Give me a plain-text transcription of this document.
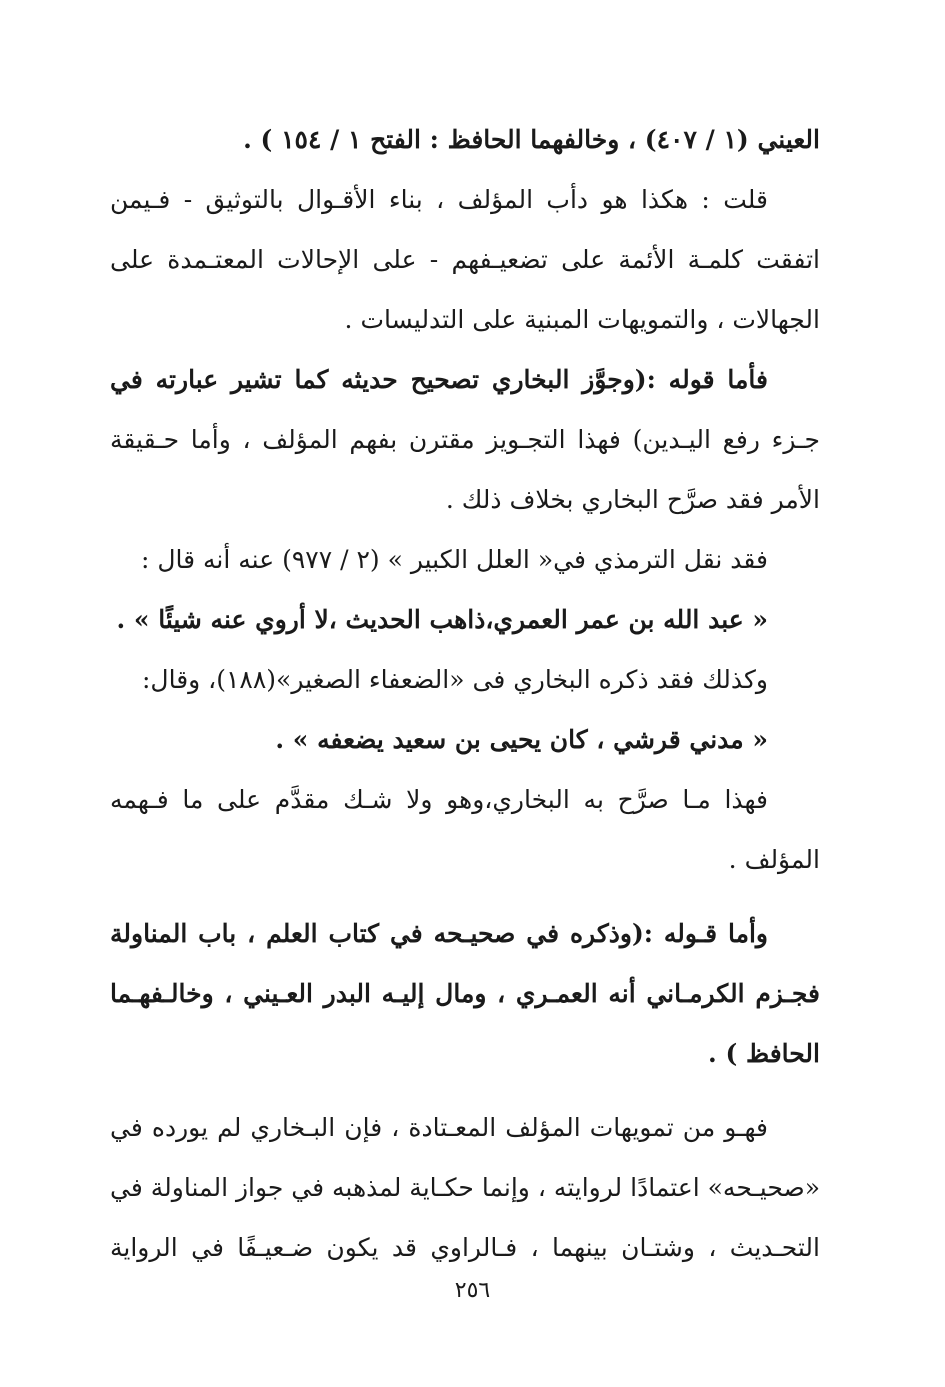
العيني (١ / ٤٠٧) ، وخالفهما الحافظ : الفتح ١ / ١٥٤ ) .
قلت : هكذا هو دأب المؤلف ، بناء الأقـوال بالتوثيق - فـيمن
اتفقت كلمـة الأئمة على تضعيـفهم - على الإحالات المعتـمدة على
الجهالات ، والتمويهات المبنية على التدليسات .
فأما قوله :(وجوَّز البخاري تصحيح حديثه كما تشير عبارته في
جـزء رفع اليـدين) فهذا التجـويز مقترن بفهم المؤلف ، وأما حـقيقة
الأمر فقد صرَّح البخاري بخلاف ذلك .
فقد نقل الترمذي في« العلل الكبير » (٢ / ٩٧٧) عنه أنه قال :
« عبد الله بن عمر العمري،ذاهب الحديث ،لا أروي عنه شيئًا » .
وكذلك فقد ذكره البخاري فى «الضعفاء الصغير»(١٨٨)، وقال:
« مدني قرشي ، كان يحيى بن سعيد يضعفه » .
فهذا مـا صرَّح به البخاري،وهو ولا شـك مقدَّم على ما فـهمه
المؤلف .
وأما قـوله :(وذكره في صحيـحه في كتاب العلم ، باب المناولة
فجـزم الكرمـاني أنه العمـري ، ومال إليـه البدر العـيني ، وخالـفهـما
الحافظ ) .
فهـو من تمويهات المؤلف المعـتادة ، فإن البـخاري لم يورده في
«صحيـحه» اعتمادًا لروايته ، وإنما حكـاية لمذهبه في جواز المناولة في
التحـديث ، وشتـان بينهما ، فـالراوي قد يكون ضـعيـفًا في الرواية
٢٥٦
